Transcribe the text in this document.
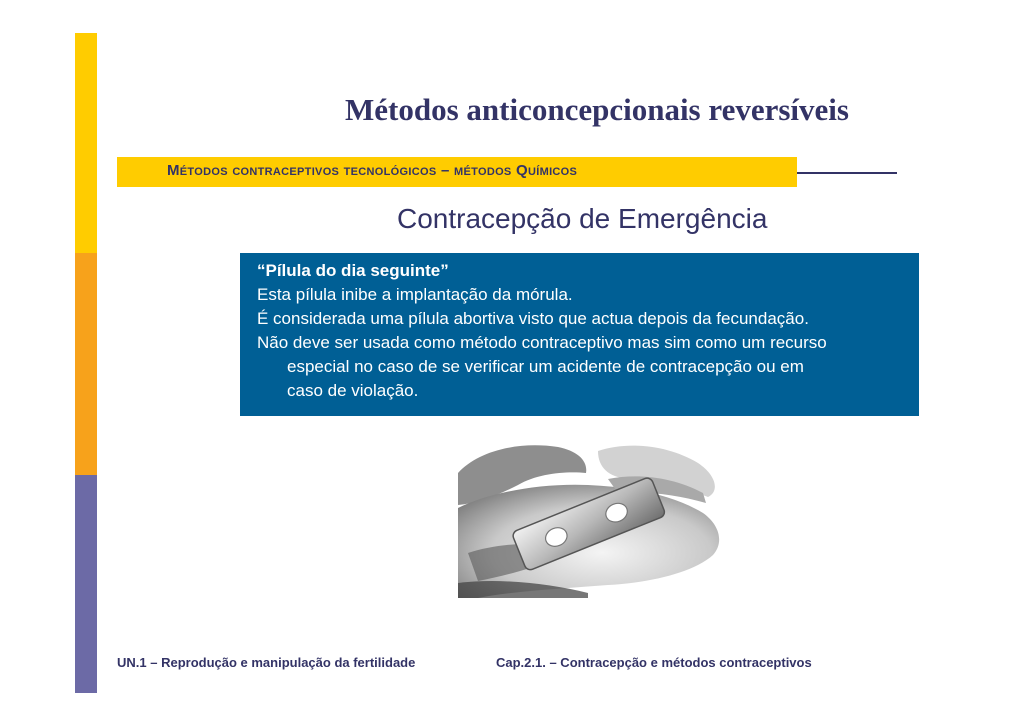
Métodos anticoncepcionais reversíveis
Métodos contraceptivos tecnológicos – métodos Químicos
Contracepção de Emergência
“Pílula do dia seguinte”
Esta pílula inibe a implantação da mórula.
É considerada uma pílula abortiva visto que actua depois da fecundação.
Não deve ser usada como método contraceptivo mas sim como um recurso
especial no caso de se verificar um acidente de contracepção ou em
caso de violação.
UN.1 – Reprodução e manipulação da fertilidade	Cap.2.1. – Contracepção e métodos contraceptivos
